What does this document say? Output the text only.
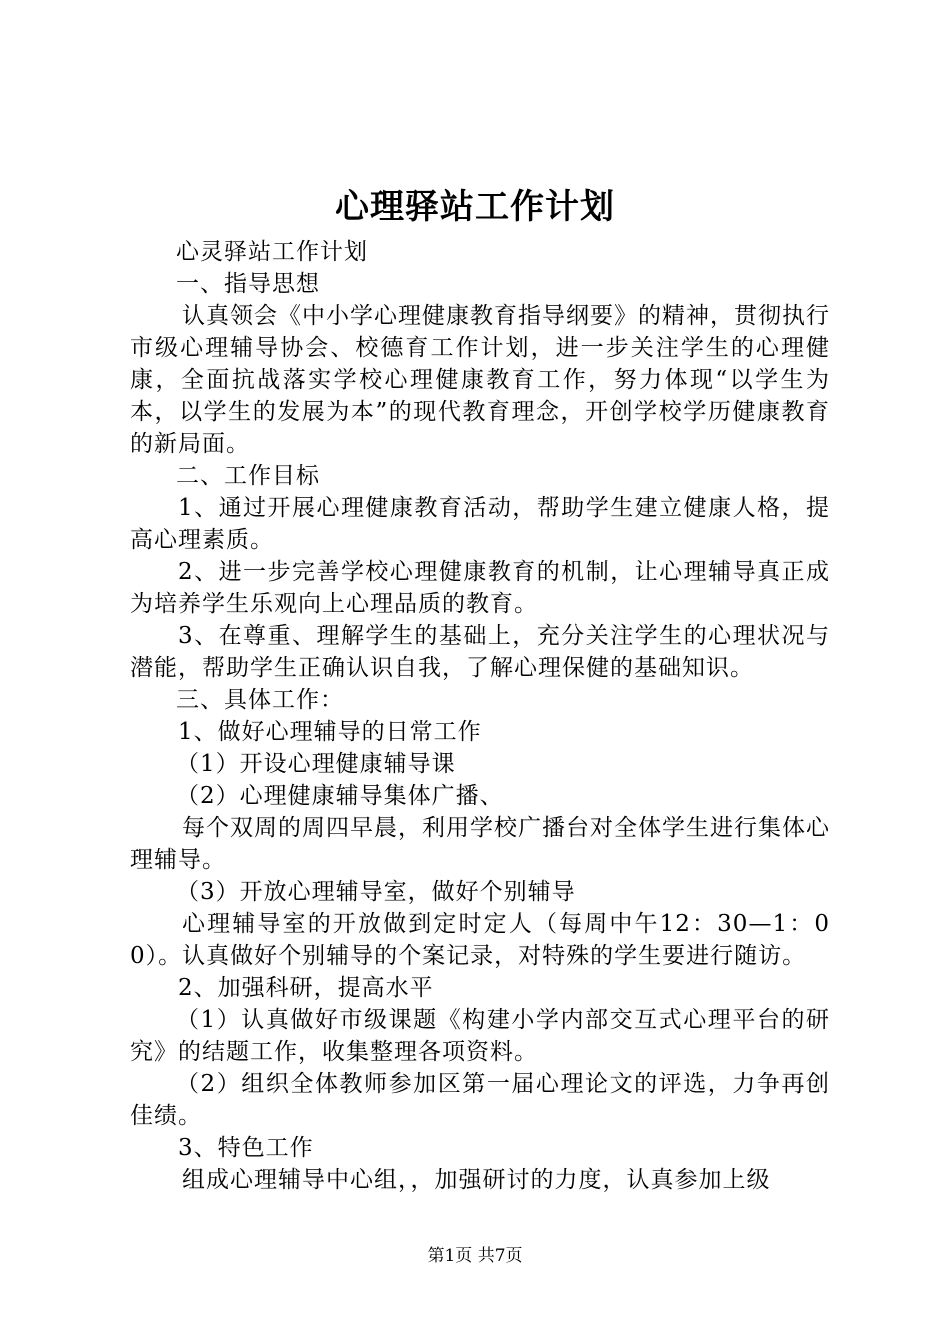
心理驿站工作计划

心灵驿站工作计划

一、指导思想

认真领会《中小学心理健康教育指导纲要》的精神，贯彻执行市级心理辅导协会、校德育工作计划，进一步关注学生的心理健康，全面抗战落实学校心理健康教育工作，努力体现“以学生为本，以学生的发展为本”的现代教育理念，开创学校学历健康教育的新局面。

二、工作目标

1、通过开展心理健康教育活动，帮助学生建立健康人格，提高心理素质。

2、进一步完善学校心理健康教育的机制，让心理辅导真正成为培养学生乐观向上心理品质的教育。

3、在尊重、理解学生的基础上，充分关注学生的心理状况与潜能，帮助学生正确认识自我，了解心理保健的基础知识。

三、具体工作：

1、做好心理辅导的日常工作

（1）开设心理健康辅导课

（2）心理健康辅导集体广播、

每个双周的周四早晨，利用学校广播台对全体学生进行集体心理辅导。

（3）开放心理辅导室，做好个别辅导

心理辅导室的开放做到定时定人（每周中午12：30—1：00）。认真做好个别辅导的个案记录，对特殊的学生要进行随访。

2、加强科研，提高水平

（1）认真做好市级课题《构建小学内部交互式心理平台的研究》的结题工作，收集整理各项资料。

（2）组织全体教师参加区第一届心理论文的评选，力争再创佳绩。

3、特色工作

组成心理辅导中心组，，加强研讨的力度，认真参加上级

第1页 共7页
